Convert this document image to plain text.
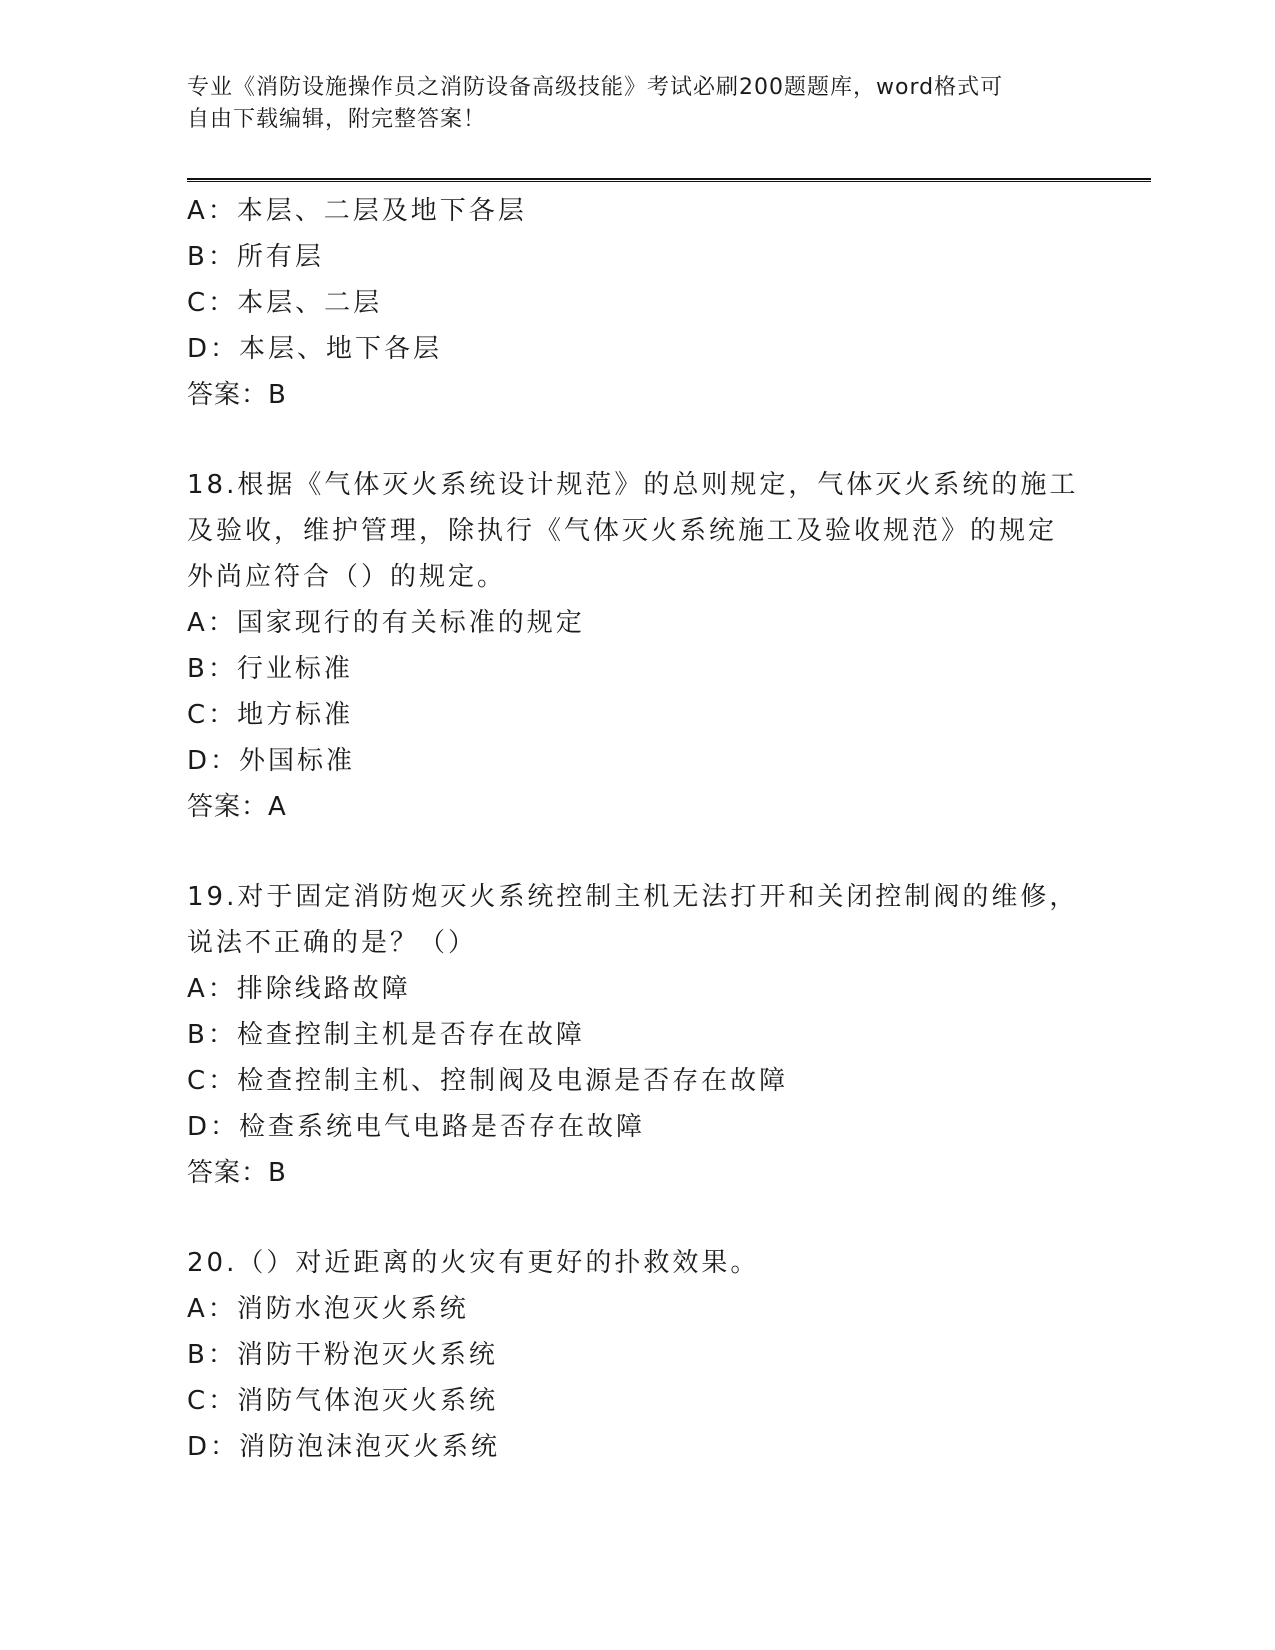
专业《消防设施操作员之消防设备高级技能》考试必刷200题题库，word格式可
自由下载编辑，附完整答案！
A：本层、二层及地下各层
B：所有层
C：本层、二层
D：本层、地下各层
答案：B
18.根据《气体灭火系统设计规范》的总则规定，气体灭火系统的施工
及验收，维护管理，除执行《气体灭火系统施工及验收规范》的规定
外尚应符合（）的规定。
A：国家现行的有关标准的规定
B：行业标准
C：地方标准
D：外国标准
答案：A
19.对于固定消防炮灭火系统控制主机无法打开和关闭控制阀的维修，
说法不正确的是？（）
A：排除线路故障
B：检查控制主机是否存在故障
C：检查控制主机、控制阀及电源是否存在故障
D：检查系统电气电路是否存在故障
答案：B
20.（）对近距离的火灾有更好的扑救效果。
A：消防水泡灭火系统
B：消防干粉泡灭火系统
C：消防气体泡灭火系统
D：消防泡沫泡灭火系统
